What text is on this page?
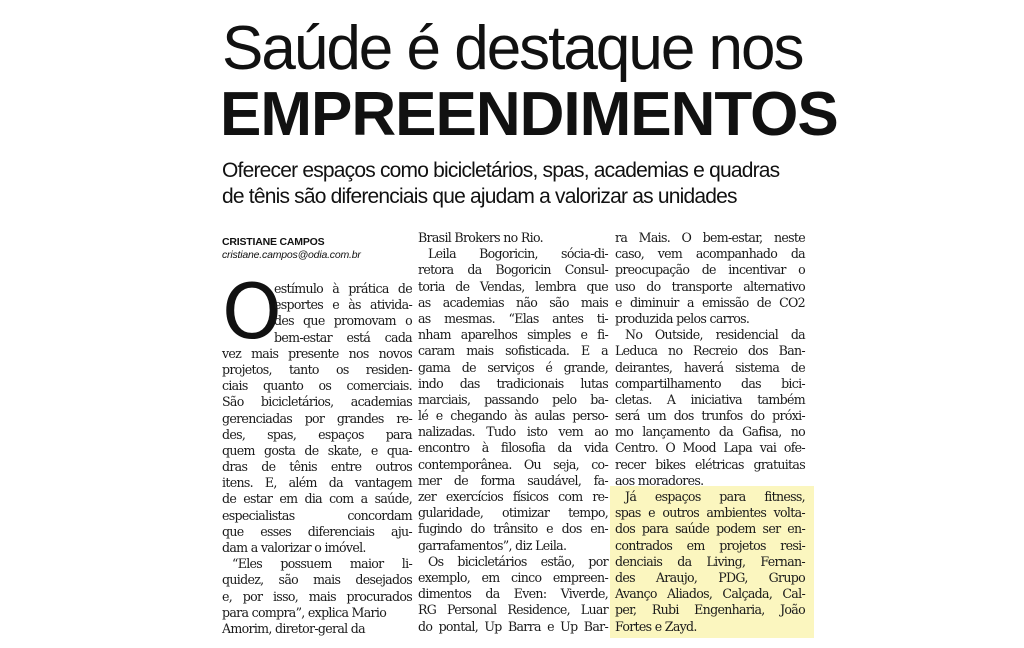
Saúde é destaque nos
EMPREENDIMENTOS
Oferecer espaços como bicicletários, spas, academias e quadras
de tênis são diferenciais que ajudam a valorizar as unidades
CRISTIANE CAMPOS
cristiane.campos@odia.com.br
O
estímulo à prática de
esportes e às ativida-
des que promovam o
bem-estar está cada
vez mais presente nos novos
projetos, tanto os residen-
ciais quanto os comerciais.
São bicicletários, academias
gerenciadas por grandes re-
des, spas, espaços para
quem gosta de skate, e qua-
dras de tênis entre outros
itens. E, além da vantagem
de estar em dia com a saúde,
especialistas concordam
que esses diferenciais aju-
dam a valorizar o imóvel.
“Eles possuem maior li-
quidez, são mais desejados
e, por isso, mais procurados
para compra”, explica Mario
Amorim, diretor-geral da
Brasil Brokers no Rio.
Leila Bogoricin, sócia-di-
retora da Bogoricin Consul-
toria de Vendas, lembra que
as academias não são mais
as mesmas. “Elas antes ti-
nham aparelhos simples e fi-
caram mais sofisticada. E a
gama de serviços é grande,
indo das tradicionais lutas
marciais, passando pelo ba-
lé e chegando às aulas perso-
nalizadas. Tudo isto vem ao
encontro à filosofia da vida
contemporânea. Ou seja, co-
mer de forma saudável, fa-
zer exercícios físicos com re-
gularidade, otimizar tempo,
fugindo do trânsito e dos en-
garrafamentos”, diz Leila.
Os bicicletários estão, por
exemplo, em cinco empreen-
dimentos da Even: Viverde,
RG Personal Residence, Luar
do pontal, Up Barra e Up Bar-
ra Mais. O bem-estar, neste
caso, vem acompanhado da
preocupação de incentivar o
uso do transporte alternativo
e diminuir a emissão de CO2
produzida pelos carros.
No Outside, residencial da
Leduca no Recreio dos Ban-
deirantes, haverá sistema de
compartilhamento das bici-
cletas. A iniciativa também
será um dos trunfos do próxi-
mo lançamento da Gafisa, no
Centro. O Mood Lapa vai ofe-
recer bikes elétricas gratuitas
aos moradores.
Já espaços para fitness,
spas e outros ambientes volta-
dos para saúde podem ser en-
contrados em projetos resi-
denciais da Living, Fernan-
des Araujo, PDG, Grupo
Avanço Aliados, Calçada, Cal-
per, Rubi Engenharia, João
Fortes e Zayd.
